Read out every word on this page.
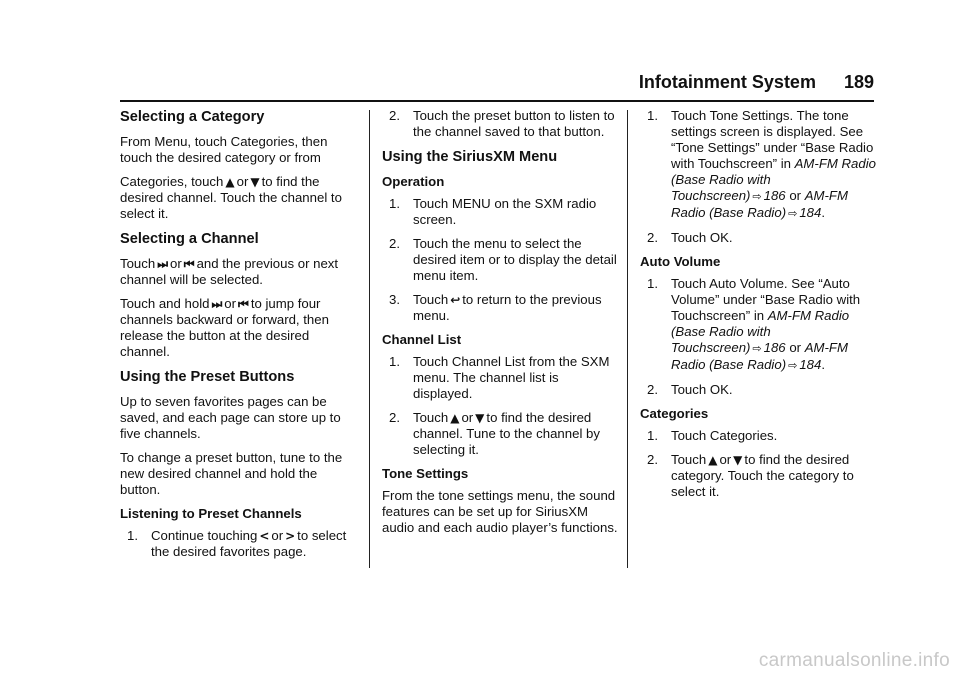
Infotainment System 189
Selecting a Category

From Menu, touch Categories, then touch the desired category or from

Categories, touch ▲ or ▼ to find the desired channel. Touch the channel to select it.

Selecting a Channel

Touch ⏭ or ⏮ and the previous or next channel will be selected.

Touch and hold ⏭ or ⏮ to jump four channels backward or forward, then release the button at the desired channel.

Using the Preset Buttons

Up to seven favorites pages can be saved, and each page can store up to five channels.

To change a preset button, tune to the new desired channel and hold the button.

Listening to Preset Channels
1. Continue touching < or > to select the desired favorites page.
2. Touch the preset button to listen to the channel saved to that button.
Using the SiriusXM Menu
Operation
1. Touch MENU on the SXM radio screen.
2. Touch the menu to select the desired item or to display the detail menu item.
3. Touch ↩ to return to the previous menu.
Channel List
1. Touch Channel List from the SXM menu. The channel list is displayed.
2. Touch ▲ or ▼ to find the desired channel. Tune to the channel by selecting it.
Tone Settings

From the tone settings menu, the sound features can be set up for SiriusXM audio and each audio player’s functions.

1. Touch Tone Settings. The tone settings screen is displayed. See “Tone Settings” under “Base Radio with Touchscreen” in AM-FM Radio (Base Radio with Touchscreen) ⇨ 186 or AM-FM Radio (Base Radio) ⇨ 184.
2. Touch OK.
Auto Volume
1. Touch Auto Volume. See “Auto Volume” under “Base Radio with Touchscreen” in AM-FM Radio (Base Radio with Touchscreen) ⇨ 186 or AM-FM Radio (Base Radio) ⇨ 184.
2. Touch OK.
Categories
1. Touch Categories.
2. Touch ▲ or ▼ to find the desired category. Touch the category to select it.
carmanualsonline.info
